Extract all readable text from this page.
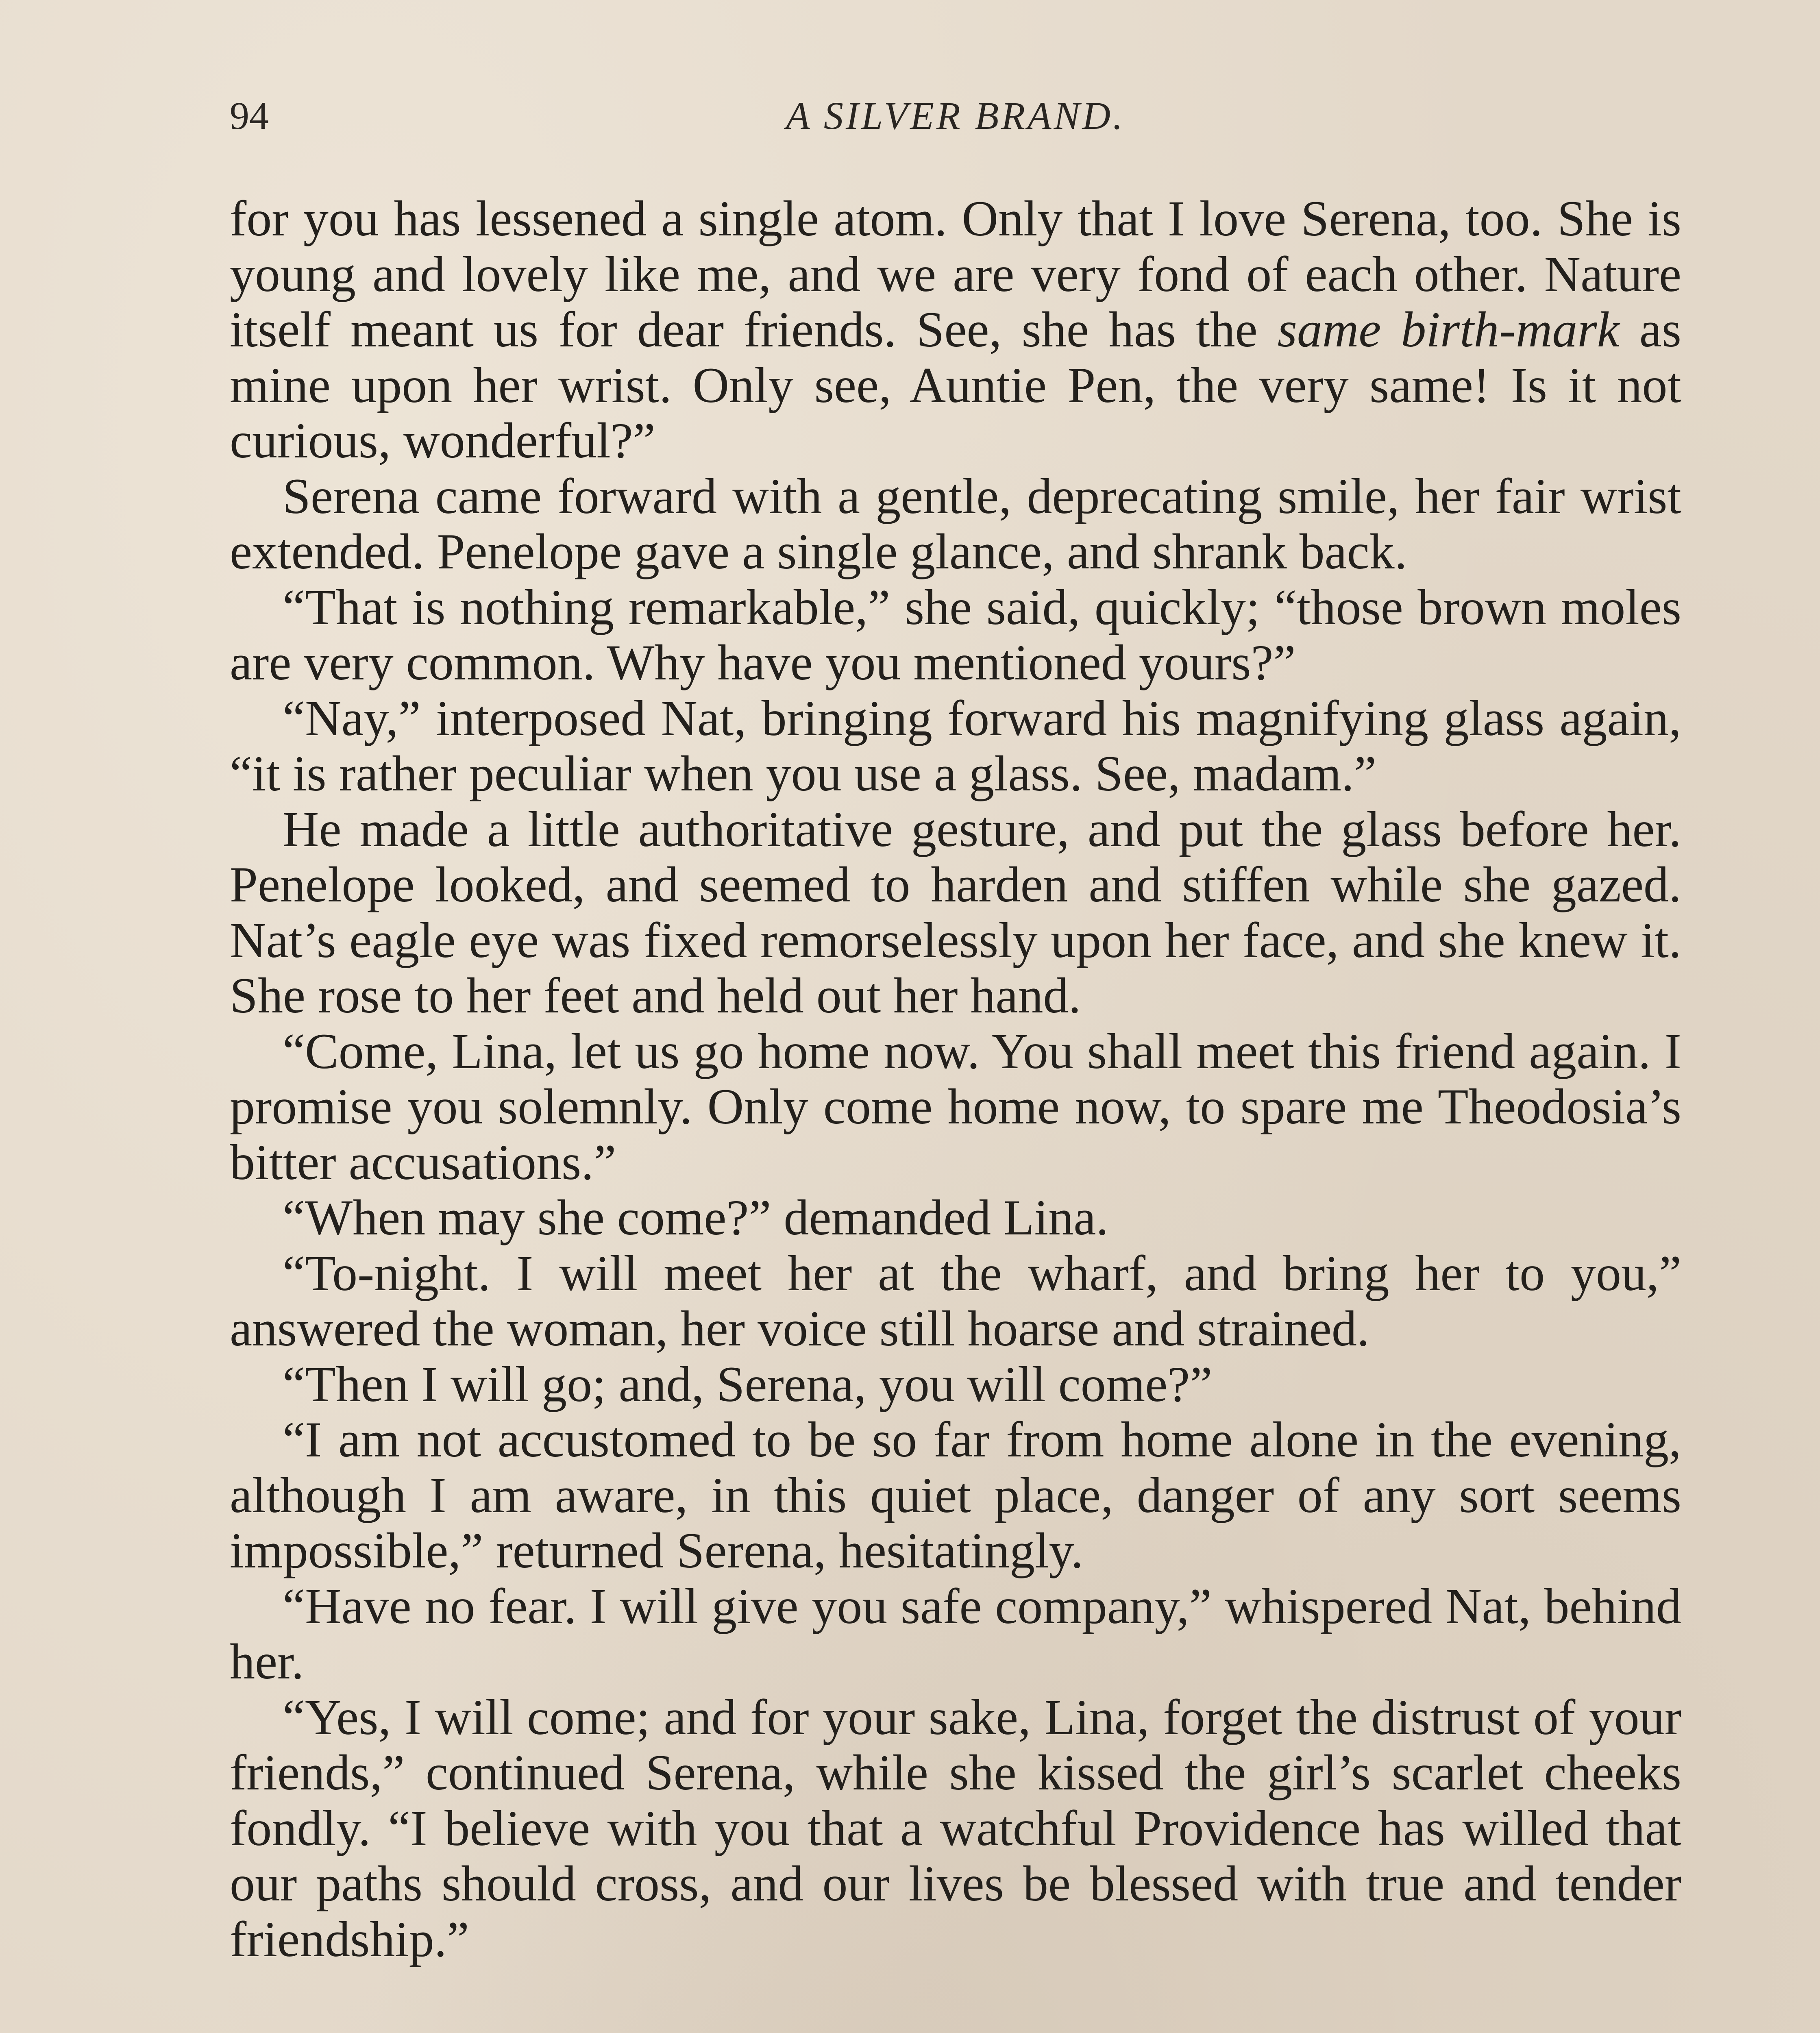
94	A SILVER BRAND.

for you has lessened a single atom. Only that I love Serena, too. She is young and lovely like me, and we are very fond of each other. Nature itself meant us for dear friends. See, she has the same birth-mark as mine upon her wrist. Only see, Auntie Pen, the very same! Is it not curious, wonderful?”

Serena came forward with a gentle, deprecating smile, her fair wrist extended. Penelope gave a single glance, and shrank back.

“That is nothing remarkable,” she said, quickly; “those brown moles are very common. Why have you mentioned yours?”

“Nay,” interposed Nat, bringing forward his magnifying glass again, “it is rather peculiar when you use a glass. See, madam.”

He made a little authoritative gesture, and put the glass before her. Penelope looked, and seemed to harden and stiffen while she gazed. Nat’s eagle eye was fixed remorselessly upon her face, and she knew it. She rose to her feet and held out her hand.

“Come, Lina, let us go home now. You shall meet this friend again. I promise you solemnly. Only come home now, to spare me Theodosia’s bitter accusations.”

“When may she come?” demanded Lina.

“To-night. I will meet her at the wharf, and bring her to you,” answered the woman, her voice still hoarse and strained.

“Then I will go; and, Serena, you will come?”

“I am not accustomed to be so far from home alone in the evening, although I am aware, in this quiet place, danger of any sort seems impossible,” returned Serena, hesitatingly.

“Have no fear. I will give you safe company,” whispered Nat, behind her.

“Yes, I will come; and for your sake, Lina, forget the distrust of your friends,” continued Serena, while she kissed the girl’s scarlet cheeks fondly. “I believe with you that a watchful Providence has willed that our paths should cross, and our lives be blessed with true and tender friendship.”
